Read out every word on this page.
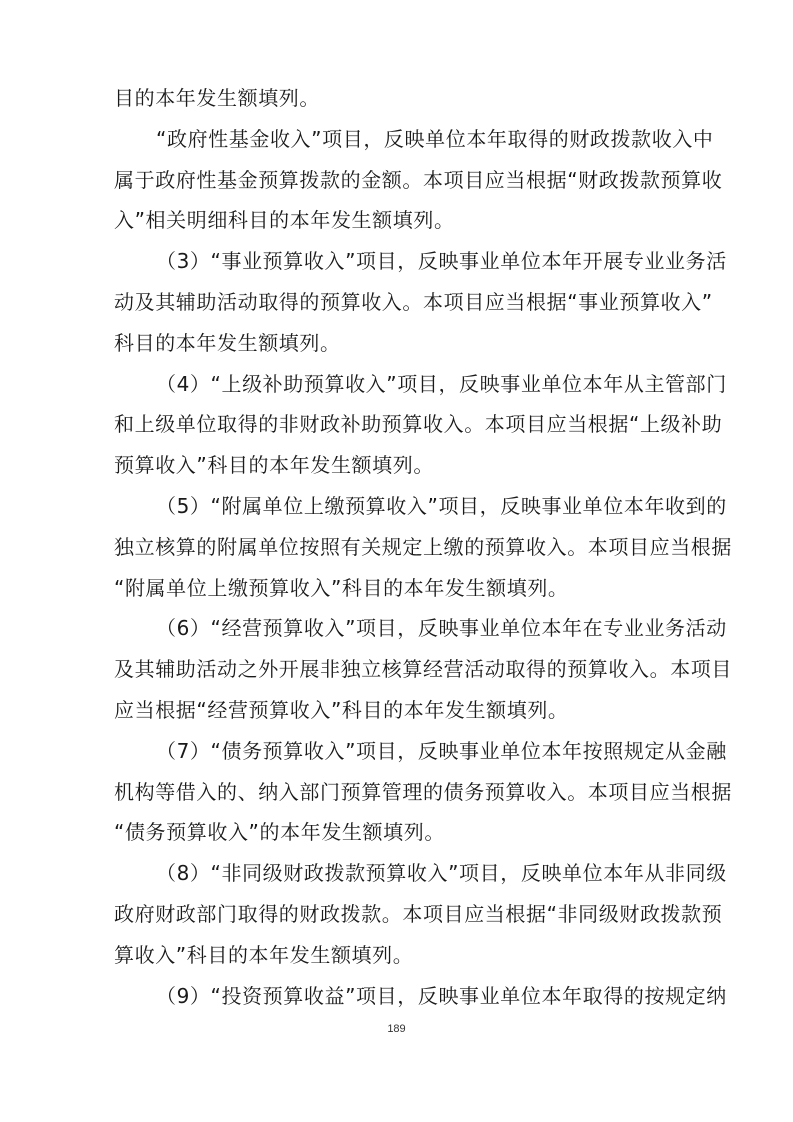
目的本年发生额填列。

“政府性基金收入”项目，反映单位本年取得的财政拨款收入中
属于政府性基金预算拨款的金额。本项目应当根据“财政拨款预算收
入”相关明细科目的本年发生额填列。

（3）“事业预算收入”项目，反映事业单位本年开展专业业务活
动及其辅助活动取得的预算收入。本项目应当根据“事业预算收入”
科目的本年发生额填列。

（4）“上级补助预算收入”项目，反映事业单位本年从主管部门
和上级单位取得的非财政补助预算收入。本项目应当根据“上级补助
预算收入”科目的本年发生额填列。

（5）“附属单位上缴预算收入”项目，反映事业单位本年收到的
独立核算的附属单位按照有关规定上缴的预算收入。本项目应当根据
“附属单位上缴预算收入”科目的本年发生额填列。

（6）“经营预算收入”项目，反映事业单位本年在专业业务活动
及其辅助活动之外开展非独立核算经营活动取得的预算收入。本项目
应当根据“经营预算收入”科目的本年发生额填列。

（7）“债务预算收入”项目，反映事业单位本年按照规定从金融
机构等借入的、纳入部门预算管理的债务预算收入。本项目应当根据
“债务预算收入”的本年发生额填列。

（8）“非同级财政拨款预算收入”项目，反映单位本年从非同级
政府财政部门取得的财政拨款。本项目应当根据“非同级财政拨款预
算收入”科目的本年发生额填列。

（9）“投资预算收益”项目，反映事业单位本年取得的按规定纳

189
